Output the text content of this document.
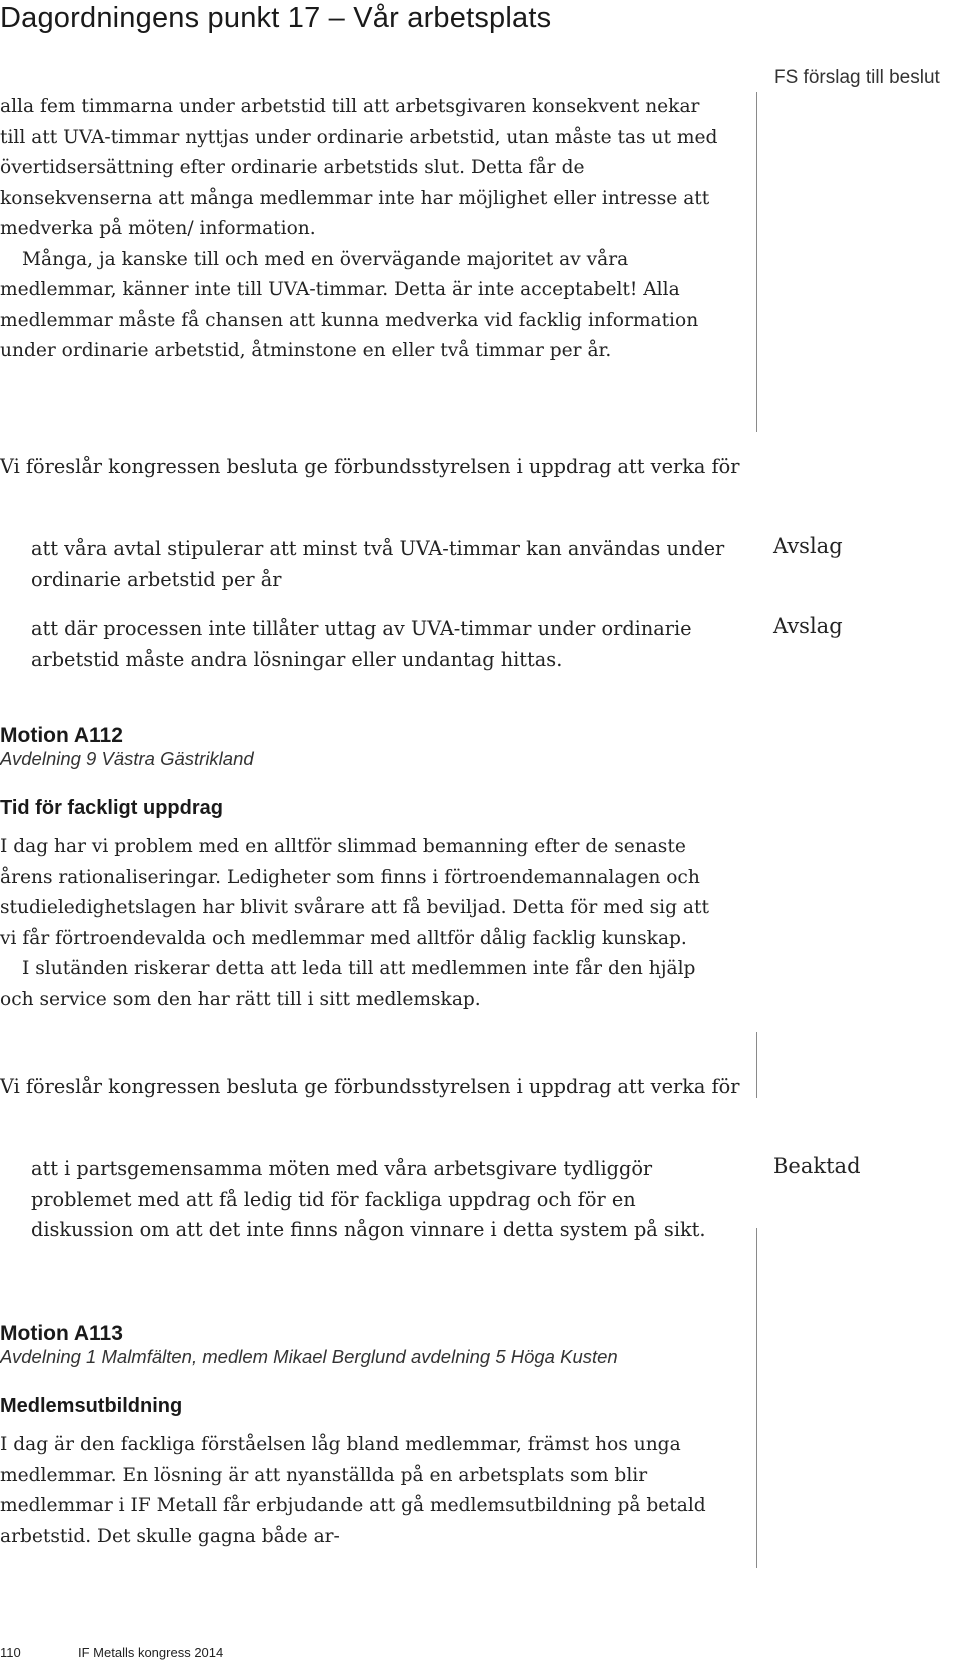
Dagordningens punkt 17 – Vår arbetsplats
FS förslag till beslut

alla fem timmarna under arbetstid till att arbetsgivaren konsekvent nekar till att UVA-timmar nyttjas under ordinarie arbetstid, utan måste tas ut med övertidsersättning efter ordinarie arbetstids slut. Detta får de konsekvenserna att många medlemmar inte har möjlighet eller intresse att medverka på möten/ information.

Många, ja kanske till och med en övervägande majoritet av våra medlemmar, känner inte till UVA-timmar. Detta är inte acceptabelt! Alla medlemmar måste få chansen att kunna medverka vid facklig information under ordinarie arbetstid, åtminstone en eller två timmar per år.

Vi föreslår kongressen besluta ge förbundsstyrelsen i uppdrag att verka för
att våra avtal stipulerar att minst två UVA-timmar kan användas under ordinarie arbetstid per år
Avslag
att där processen inte tillåter uttag av UVA-timmar under ordinarie arbetstid måste andra lösningar eller undantag hittas.
Avslag
Motion A112
Avdelning 9 Västra Gästrikland
Tid för fackligt uppdrag

I dag har vi problem med en alltför slimmad bemanning efter de senaste årens rationaliseringar. Ledigheter som finns i förtroendemannalagen och studieledighetslagen har blivit svårare att få beviljad. Detta för med sig att vi får förtroendevalda och medlemmar med alltför dålig facklig kunskap.

I slutänden riskerar detta att leda till att medlemmen inte får den hjälp och service som den har rätt till i sitt medlemskap.

Vi föreslår kongressen besluta ge förbundsstyrelsen i uppdrag att verka för
att i partsgemensamma möten med våra arbetsgivare tydliggör problemet med att få ledig tid för fackliga uppdrag och för en diskussion om att det inte finns någon vinnare i detta system på sikt.
Beaktad
Motion A113
Avdelning 1 Malmfälten, medlem Mikael Berglund avdelning 5 Höga Kusten
Medlemsutbildning

I dag är den fackliga förståelsen låg bland medlemmar, främst hos unga medlemmar. En lösning är att nyanställda på en arbetsplats som blir medlemmar i IF Metall får erbjudande att gå medlemsutbildning på betald arbetstid. Det skulle gagna både ar-

110	IF Metalls kongress 2014
